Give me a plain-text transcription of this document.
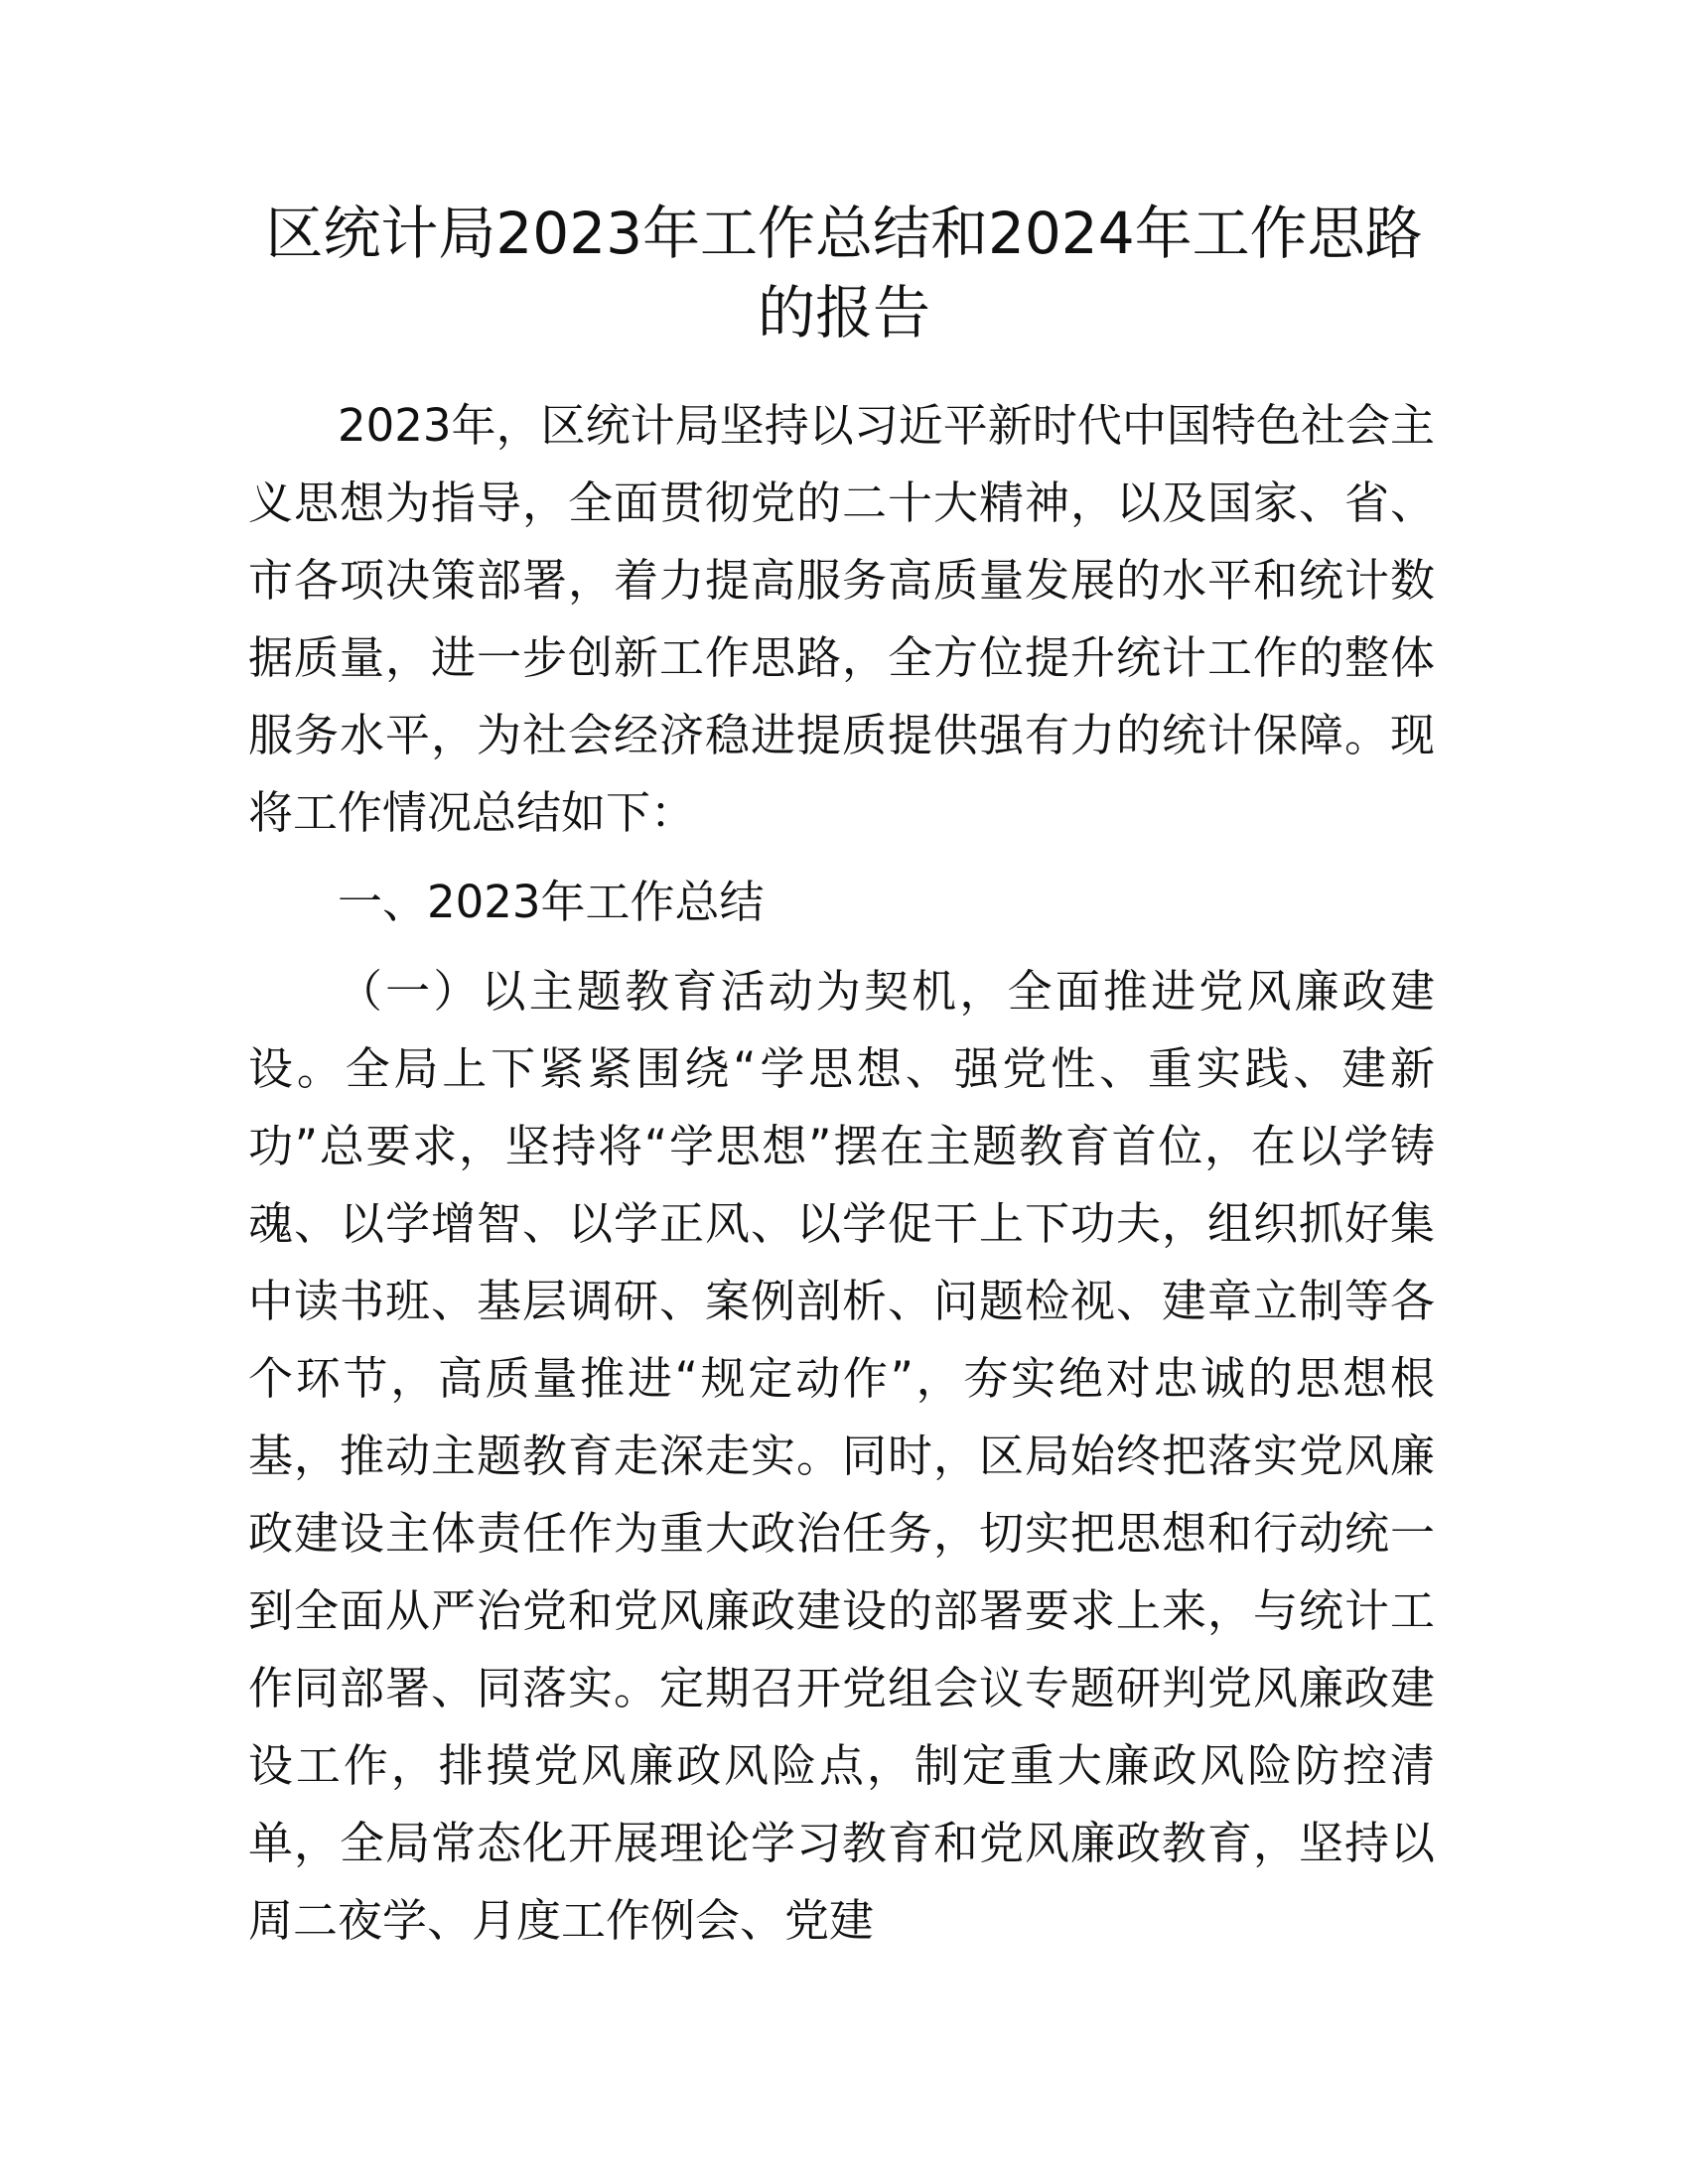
区统计局2023年工作总结和2024年工作思路
的报告

2023年，区统计局坚持以习近平新时代中国特色社会主义思想为指导，全面贯彻党的二十大精神，以及国家、省、市各项决策部署，着力提高服务高质量发展的水平和统计数据质量，进一步创新工作思路，全方位提升统计工作的整体服务水平，为社会经济稳进提质提供强有力的统计保障。现将工作情况总结如下：

一、2023年工作总结

（一）以主题教育活动为契机，全面推进党风廉政建设。全局上下紧紧围绕“学思想、强党性、重实践、建新功”总要求，坚持将“学思想”摆在主题教育首位，在以学铸魂、以学增智、以学正风、以学促干上下功夫，组织抓好集中读书班、基层调研、案例剖析、问题检视、建章立制等各个环节，高质量推进“规定动作”，夯实绝对忠诚的思想根基，推动主题教育走深走实。同时，区局始终把落实党风廉政建设主体责任作为重大政治任务，切实把思想和行动统一到全面从严治党和党风廉政建设的部署要求上来，与统计工作同部署、同落实。定期召开党组会议专题研判党风廉政建设工作，排摸党风廉政风险点，制定重大廉政风险防控清单，全局常态化开展理论学习教育和党风廉政教育，坚持以周二夜学、月度工作例会、党建
